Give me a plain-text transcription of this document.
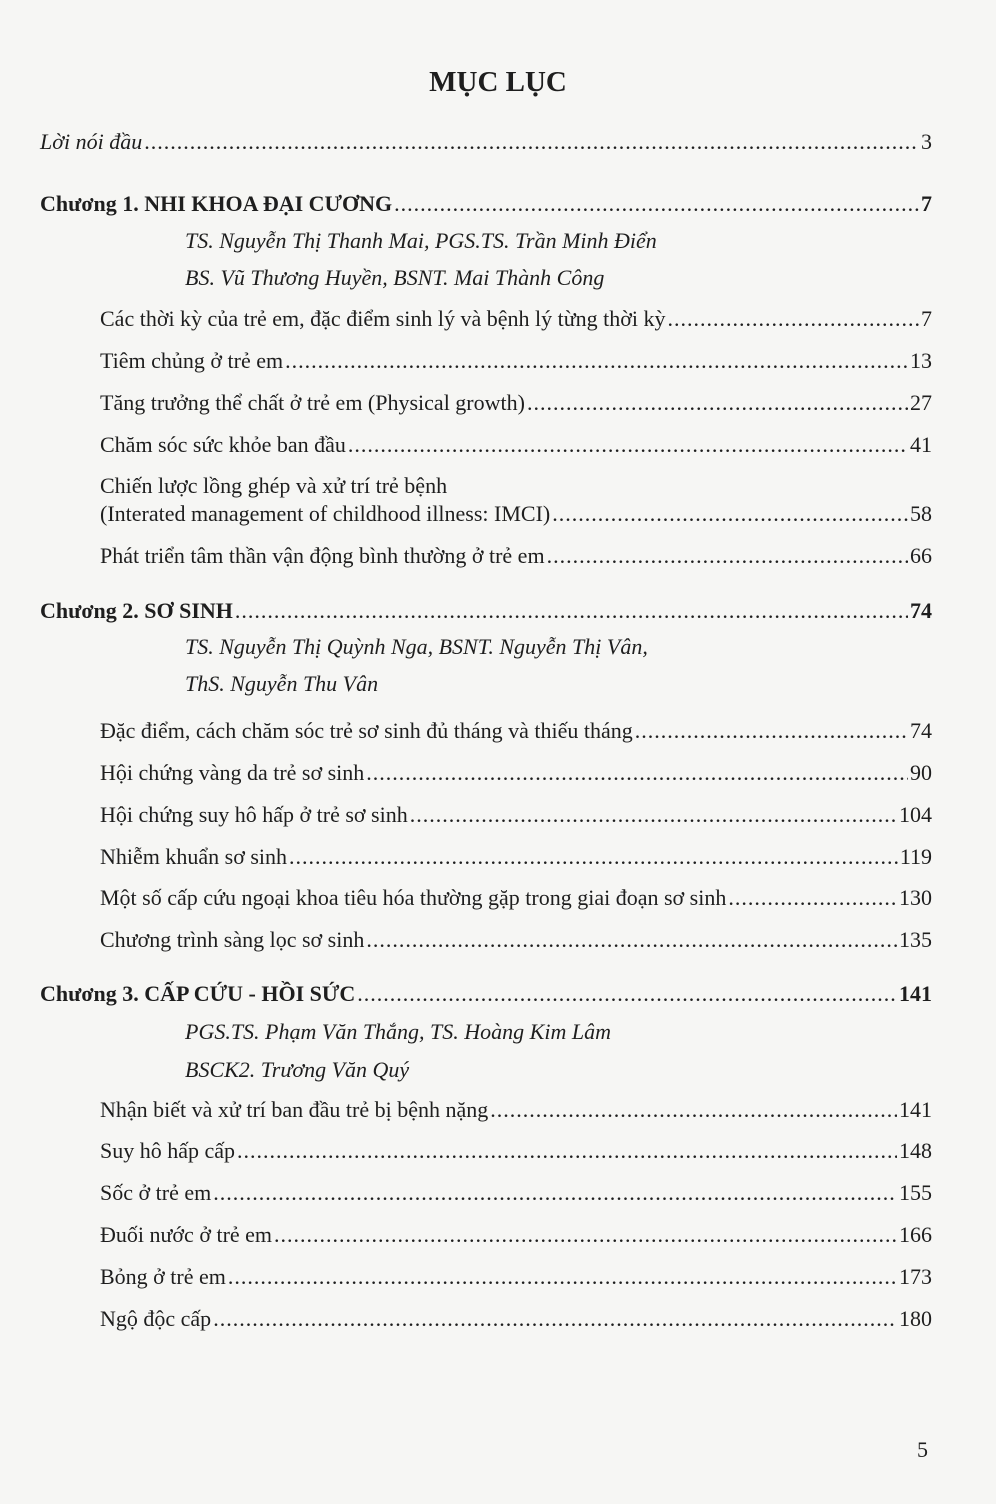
MỤC LỤC
Lời nói đầu .....	3
Chương 1. NHI KHOA ĐẠI CƯƠNG .....	7
TS. Nguyễn Thị Thanh Mai, PGS.TS. Trần Minh Điển
BS. Vũ Thương Huyền, BSNT. Mai Thành Công
Các thời kỳ của trẻ em, đặc điểm sinh lý và bệnh lý từng thời kỳ .....	7
Tiêm chủng ở trẻ em .....	13
Tăng trưởng thể chất ở trẻ em (Physical growth) .....	27
Chăm sóc sức khỏe ban đầu .....	41
Chiến lược lồng ghép và xử trí trẻ bệnh
(Interated management of childhood illness: IMCI) .....	58
Phát triển tâm thần vận động bình thường ở trẻ em .....	66
Chương 2. SƠ SINH .....	74
TS. Nguyễn Thị Quỳnh Nga, BSNT. Nguyễn Thị Vân,
ThS. Nguyễn Thu Vân
Đặc điểm, cách chăm sóc trẻ sơ sinh đủ tháng và thiếu tháng .....	74
Hội chứng vàng da trẻ sơ sinh .....	90
Hội chứng suy hô hấp ở trẻ sơ sinh .....	104
Nhiễm khuẩn sơ sinh .....	119
Một số cấp cứu ngoại khoa tiêu hóa thường gặp trong giai đoạn sơ sinh .....	130
Chương trình sàng lọc sơ sinh .....	135
Chương 3. CẤP CỨU - HỒI SỨC .....	141
PGS.TS. Phạm Văn Thắng, TS. Hoàng Kim Lâm
BSCK2. Trương Văn Quý
Nhận biết và xử trí ban đầu trẻ bị bệnh nặng .....	141
Suy hô hấp cấp .....	148
Sốc ở trẻ em .....	155
Đuối nước ở trẻ em .....	166
Bỏng ở trẻ em .....	173
Ngộ độc cấp .....	180
5
